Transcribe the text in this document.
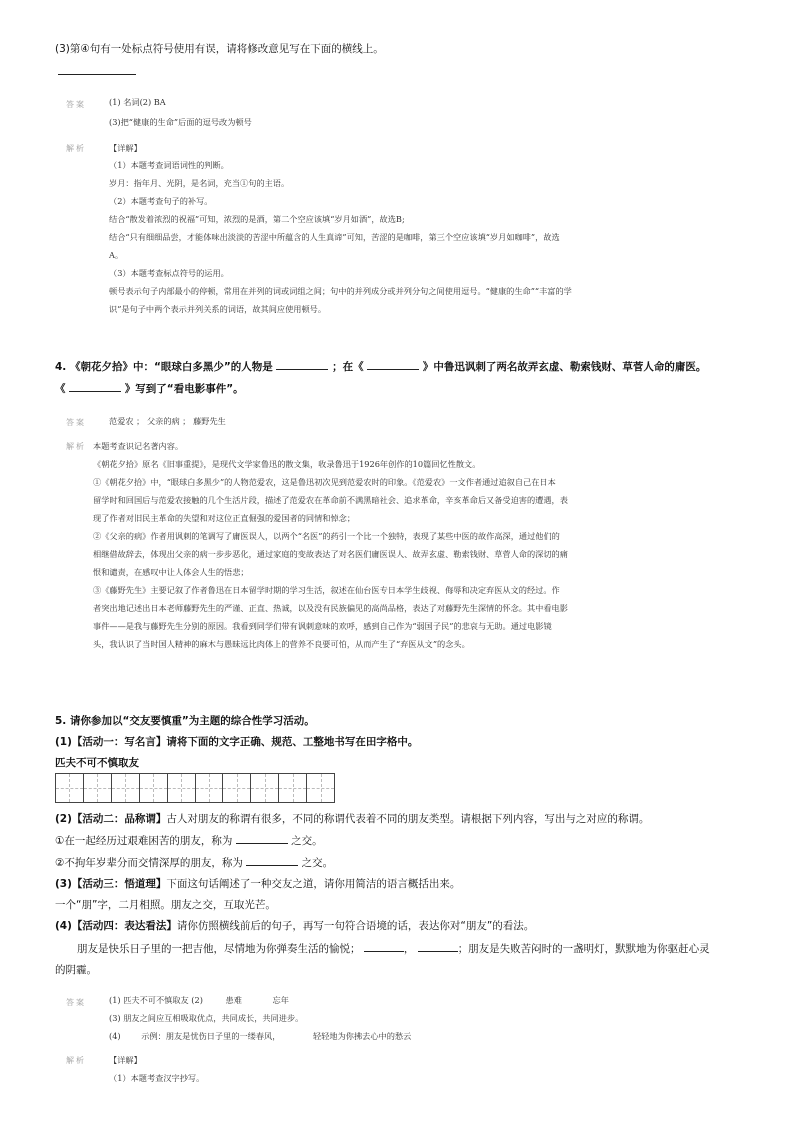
(3)第④句有一处标点符号使用有误，请将修改意见写在下面的横线上。
答案	(1) 名词(2) BA
(3)把“健康的生命”后面的逗号改为顿号
解析	【详解】
（1）本题考查词语词性的判断。
岁月：指年月、光阴，是名词，充当①句的主语。
（2）本题考查句子的补写。
结合“散发着浓烈的祝福”可知，浓烈的是酒，第二个空应该填“岁月如酒”，故选B;
结合“只有细细品尝，才能体味出淡淡的苦涩中所蕴含的人生真谛”可知，苦涩的是咖啡，第三个空应该填“岁月如咖啡”，故选
A。
（3）本题考查标点符号的运用。
顿号表示句子内部最小的停顿，常用在并列的词或词组之间；句中的并列成分或并列分句之间使用逗号。“健康的生命”“丰富的学
识”是句子中两个表示并列关系的词语，故其间应使用顿号。
4. 《朝花夕拾》中：“眼球白多黑少”的人物是	；在《	》中鲁迅讽刺了两名故弄玄虚、勒索钱财、草菅人命的庸医。
《	》写到了“看电影事件”。
答案	范爱农 ； 父亲的病 ； 藤野先生
解析 本题考查识记名著内容。
《朝花夕拾》原名《旧事重提》，是现代文学家鲁迅的散文集，收录鲁迅于1926年创作的10篇回忆性散文。
①《朝花夕拾》中，“眼球白多黑少”的人物范爱农，这是鲁迅初次见到范爱农时的印象。《范爱农》一文作者通过追叙自己在日本
留学时和回国后与范爱农接触的几个生活片段，描述了范爱农在革命前不满黑暗社会、追求革命，辛亥革命后又备受迫害的遭遇，表
现了作者对旧民主革命的失望和对这位正直倔强的爱国者的同情和悼念；
②《父亲的病》作者用讽刺的笔调写了庸医误人，以两个“名医”的药引一个比一个独特，表现了某些中医的故作高深，通过他们的
相继借故辞去，体现出父亲的病一步步恶化，通过家庭的变故表达了对名医们庸医误人、故弄玄虚、勒索钱财、草菅人命的深切的痛
恨和谴责，在感叹中让人体会人生的悟悲；
③《藤野先生》主要记叙了作者鲁迅在日本留学时期的学习生活，叙述在仙台医专日本学生歧视、侮辱和决定弃医从文的经过。作
者突出地记述出日本老师藤野先生的严谨、正直、热诚，以及没有民族偏见的高尚品格，表达了对藤野先生深情的怀念。其中看电影
事件——是我与藤野先生分别的原因。我看到同学们带有讽刺意味的欢呼，感到自己作为“弱国子民”的悲哀与无助。通过电影镜
头，我认识了当时国人精神的麻木与愚昧远比肉体上的营养不良要可怕，从而产生了“弃医从文”的念头。
5. 请你参加以“交友要慎重”为主题的综合性学习活动。
(1)【活动一：写名言】请将下面的文字正确、规范、工整地书写在田字格中。
匹夫不可不慎取友
(2)【活动二：品称谓】古人对朋友的称谓有很多，不同的称谓代表着不同的朋友类型。请根据下列内容，写出与之对应的称谓。
①在一起经历过艰难困苦的朋友，称为	之交。
②不拘年岁辈分而交情深厚的朋友，称为	之交。
(3)【活动三：悟道理】下面这句话阐述了一种交友之道，请你用简洁的语言概括出来。
一个“朋”字，二月相照。朋友之交，互取光芒。
(4)【活动四：表达看法】请你仿照横线前后的句子，再写一句符合语境的话，表达你对“朋友”的看法。
朋友是快乐日子里的一把吉他，尽情地为你弹奏生活的愉悦；	，	；朋友是失败苦闷时的一盏明灯，默默地为你驱赶心灵
的阴霾。
答案	(1) 匹夫不可不慎取友 (2)	患难	忘年
(3) 朋友之间应互相吸取优点，共同成长，共同进步。
(4)	示例：朋友是忧伤日子里的一缕春风，	轻轻地为你拂去心中的愁云
解析	【详解】
（1）本题考查汉字抄写。
